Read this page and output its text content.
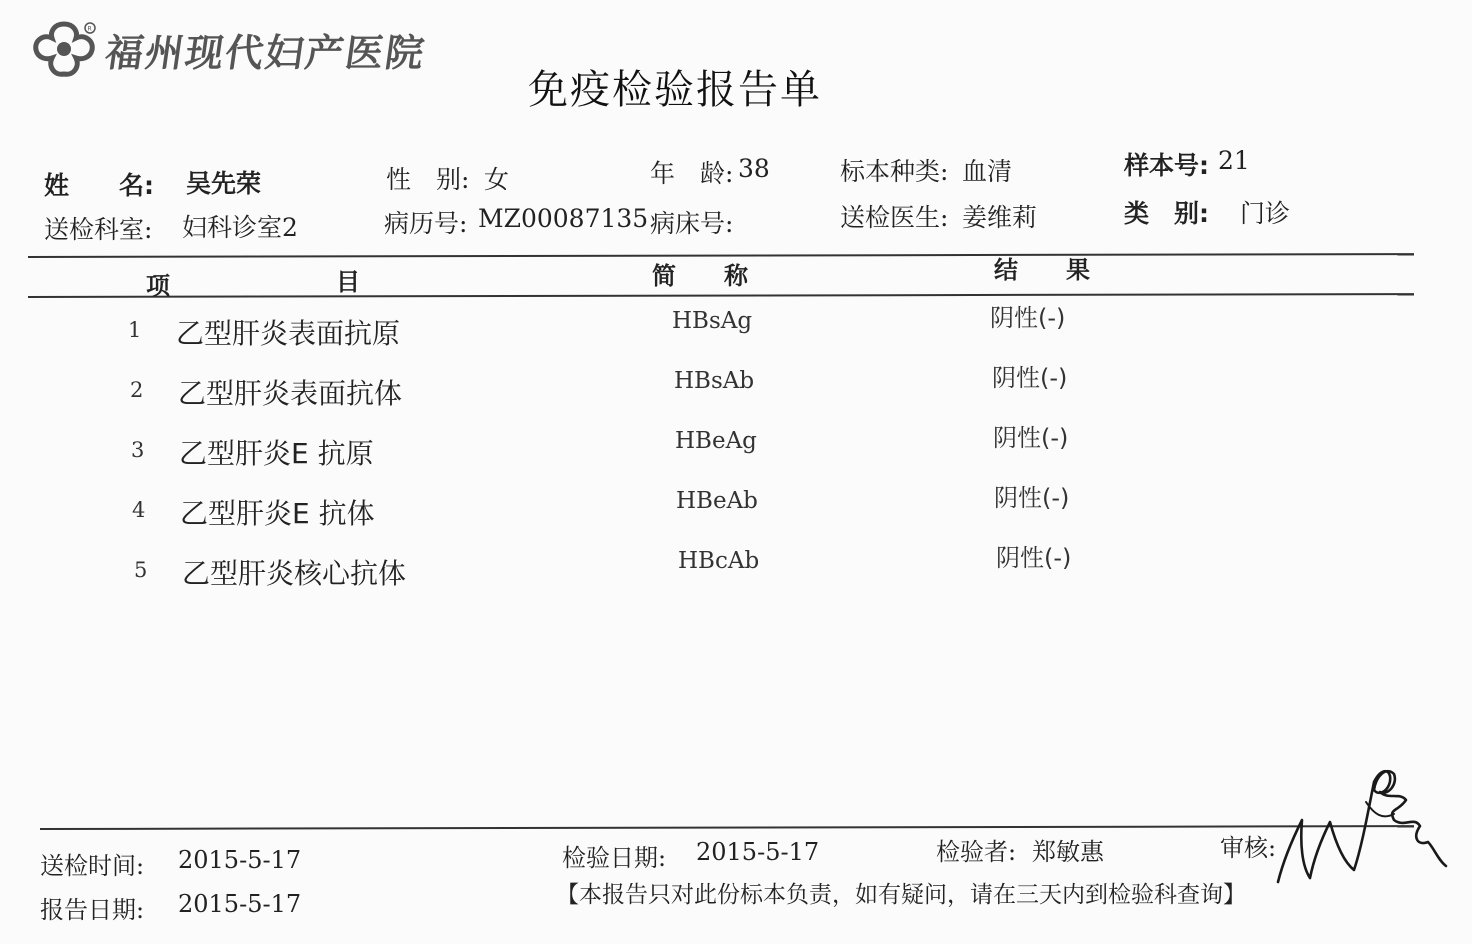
R
福州现代妇产医院
免疫检验报告单
姓　　名: 吴先荣	性　别: 女	年　龄: 38	标本种类: 血清	样本号: 21
送检科室: 妇科诊室2	病历号: MZ00087135 病床号:	送检医生: 姜维莉	类　别: 门诊
项	目	简　　称	结　　果
1 乙型肝炎表面抗原	HBsAg	阴性(-)
2 乙型肝炎表面抗体	HBsAb	阴性(-)
3 乙型肝炎E 抗原	HBeAg	阴性(-)
4 乙型肝炎E 抗体	HBeAb	阴性(-)
5 乙型肝炎核心抗体	HBcAb	阴性(-)
送检时间: 2015-5-17
报告日期: 2015-5-17
检验日期: 2015-5-17	检验者: 郑敏惠	审核:
【本报告只对此份标本负责，如有疑问，请在三天内到检验科查询】
